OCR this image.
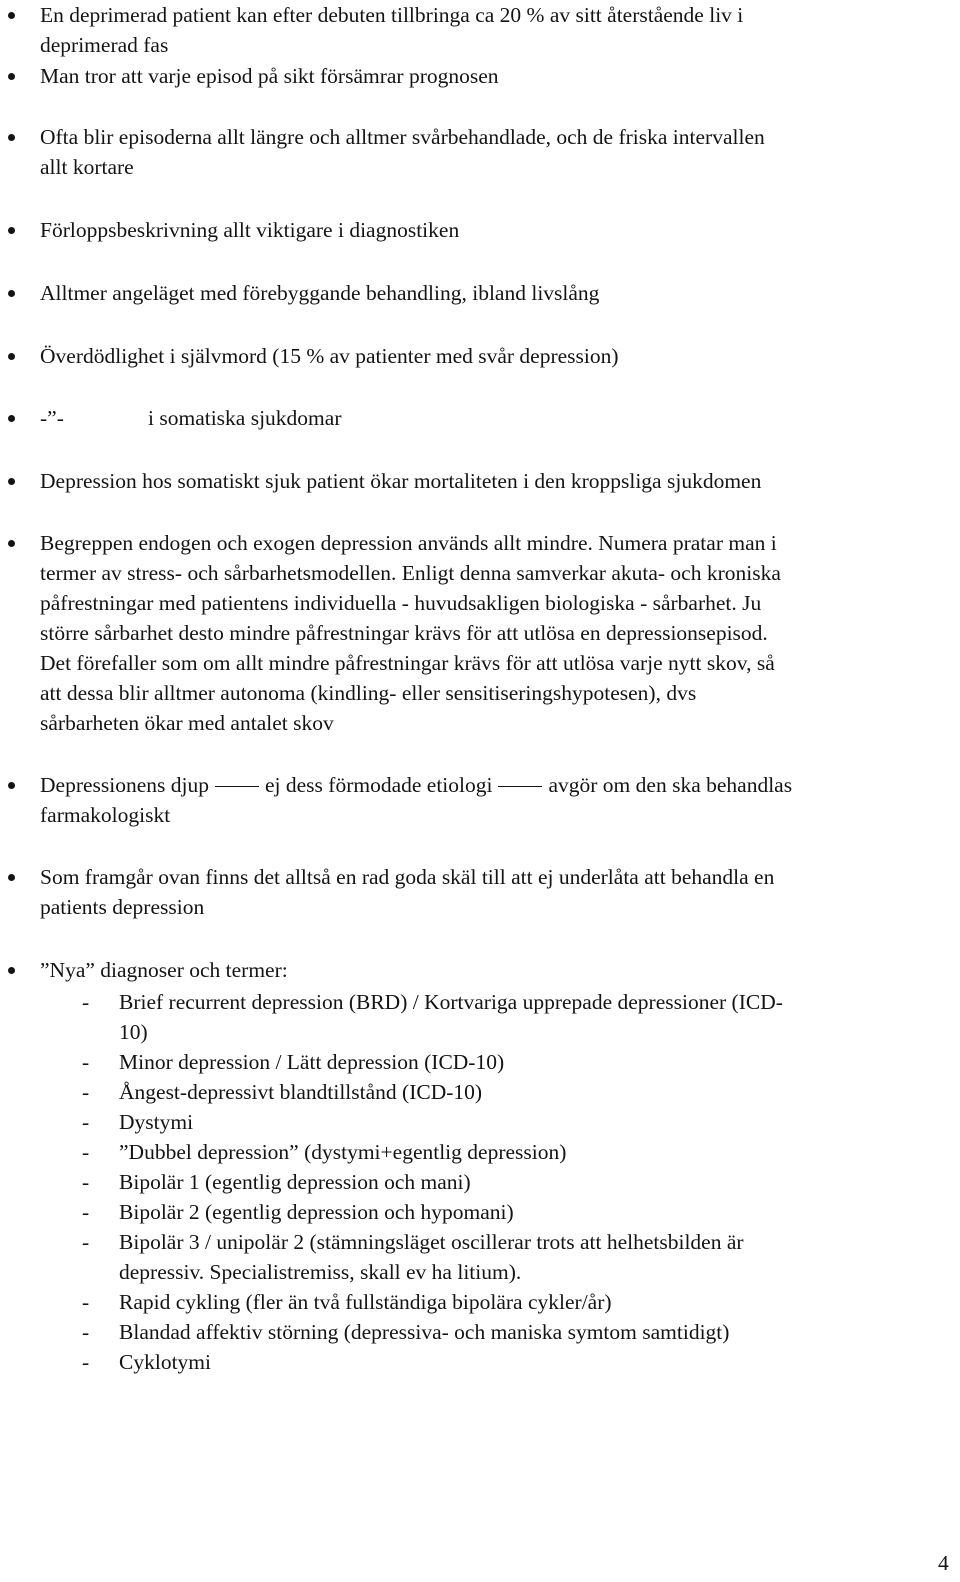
En deprimerad patient kan efter debuten tillbringa ca 20 % av sitt återstående liv i

deprimerad fas

Man tror att varje episod på sikt försämrar prognosen

Ofta blir episoderna allt längre och alltmer svårbehandlade, och de friska intervallen

allt kortare

Förloppsbeskrivning allt viktigare i diagnostiken

Alltmer angeläget med förebyggande behandling, ibland livslång

Överdödlighet i självmord (15 % av patienter med svår depression)

-”-	i somatiska sjukdomar

Depression hos somatiskt sjuk patient ökar mortaliteten i den kroppsliga sjukdomen

Begreppen endogen och exogen depression används allt mindre. Numera pratar man i

termer av stress- och sårbarhetsmodellen. Enligt denna samverkar akuta- och kroniska

påfrestningar med patientens individuella - huvudsakligen biologiska - sårbarhet. Ju

större sårbarhet desto mindre påfrestningar krävs för att utlösa en depressionsepisod.

Det förefaller som om allt mindre påfrestningar krävs för att utlösa varje nytt skov, så

att dessa blir alltmer autonoma (kindling- eller sensitiseringshypotesen), dvs

sårbarheten ökar med antalet skov

Depressionens djup	ej dess förmodade etiologi	avgör om den ska behandlas

farmakologiskt

Som framgår ovan finns det alltså en rad goda skäl till att ej underlåta att behandla en

patients depression

”Nya” diagnoser och termer:

- Brief recurrent depression (BRD) / Kortvariga upprepade depressioner (ICD-
10)
- Minor depression / Lätt depression (ICD-10)
- Ångest-depressivt blandtillstånd (ICD-10)
- Dystymi
- ”Dubbel depression” (dystymi+egentlig depression)
- Bipolär 1 (egentlig depression och mani)
- Bipolär 2 (egentlig depression och hypomani)
- Bipolär 3 / unipolär 2 (stämningsläget oscillerar trots att helhetsbilden är
depressiv. Specialistremiss, skall ev ha litium).
- Rapid cykling (fler än två fullständiga bipolära cykler/år)
- Blandad affektiv störning (depressiva- och maniska symtom samtidigt)
- Cyklotymi
4
